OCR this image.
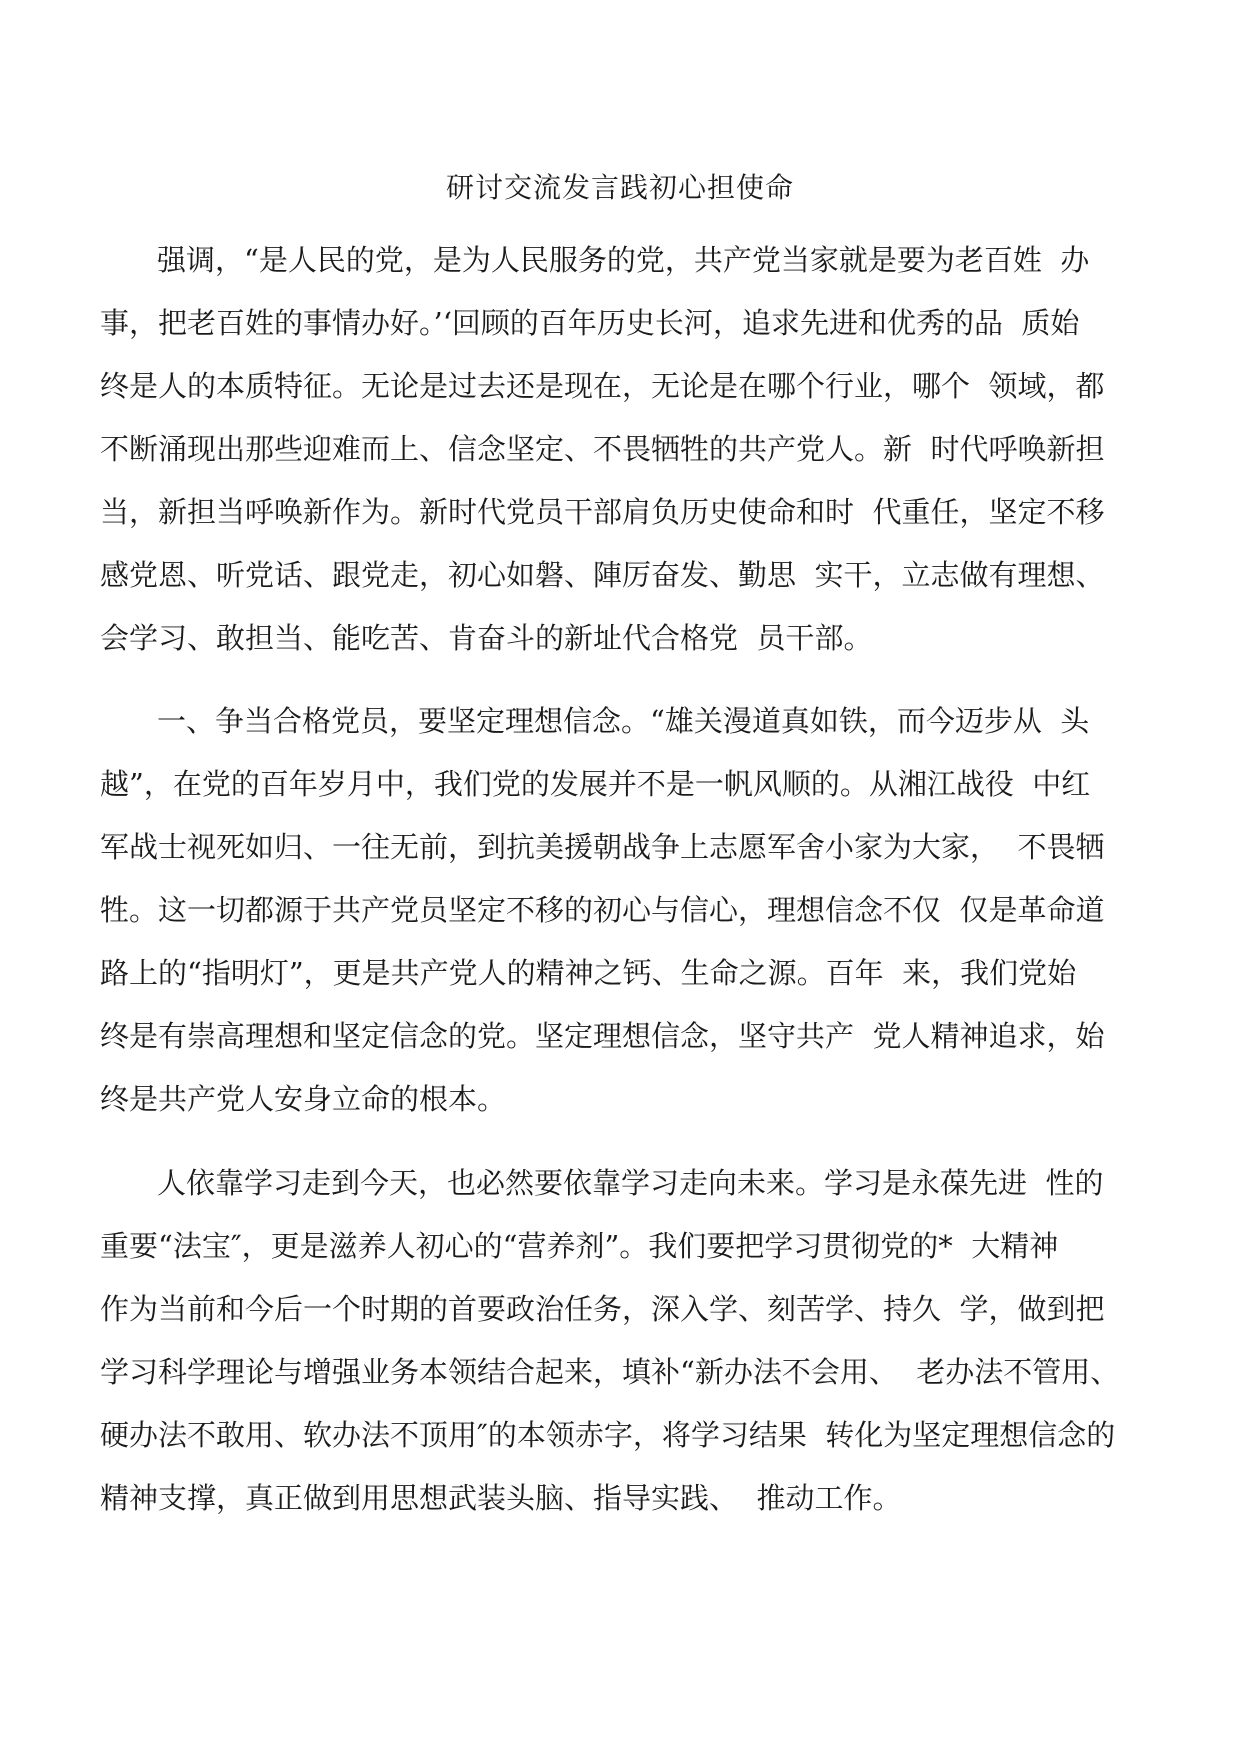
研讨交流发言践初心担使命
强调，“是人民的党，是为人民服务的党，共产党当家就是要为老百姓  办
事，把老百姓的事情办好。’‘回顾的百年历史长河，追求先进和优秀的品  质始
终是人的本质特征。无论是过去还是现在，无论是在哪个行业，哪个  领域，都
不断涌现出那些迎难而上、信念坚定、不畏牺牲的共产党人。新  时代呼唤新担
当，新担当呼唤新作为。新时代党员干部肩负历史使命和时  代重任，坚定不移
感党恩、听党话、跟党走，初心如磐、陣厉奋发、勤思  实干，立志做有理想、
会学习、敢担当、能吃苦、肯奋斗的新址代合格党  员干部。
一、争当合格党员，要坚定理想信念。“雄关漫道真如铁，而今迈步从  头
越”，在党的百年岁月中，我们党的发展并不是一帆风顺的。从湘江战役  中红
军战士视死如归、一往无前，到抗美援朝战争上志愿军舍小家为大家，  不畏牺
牲。这一切都源于共产党员坚定不移的初心与信心，理想信念不仅  仅是革命道
路上的“指明灯”，更是共产党人的精神之钙、生命之源。百年  来，我们党始
终是有崇高理想和坚定信念的党。坚定理想信念，坚守共产  党人精神追求，始
终是共产党人安身立命的根本。
人依靠学习走到今天，也必然要依靠学习走向未来。学习是永葆先进  性的
重要“法宝″，更是滋养人初心的“营养剂”。我们要把学习贯彻党的*  大精神
作为当前和今后一个时期的首要政治任务，深入学、刻苦学、持久  学，做到把
学习科学理论与增强业务本领结合起来，填补“新办法不会用、  老办法不管用、
硬办法不敢用、软办法不顶用″的本领赤字，将学习结果  转化为坚定理想信念的
精神支撑，真正做到用思想武装头脑、指导实践、  推动工作。
